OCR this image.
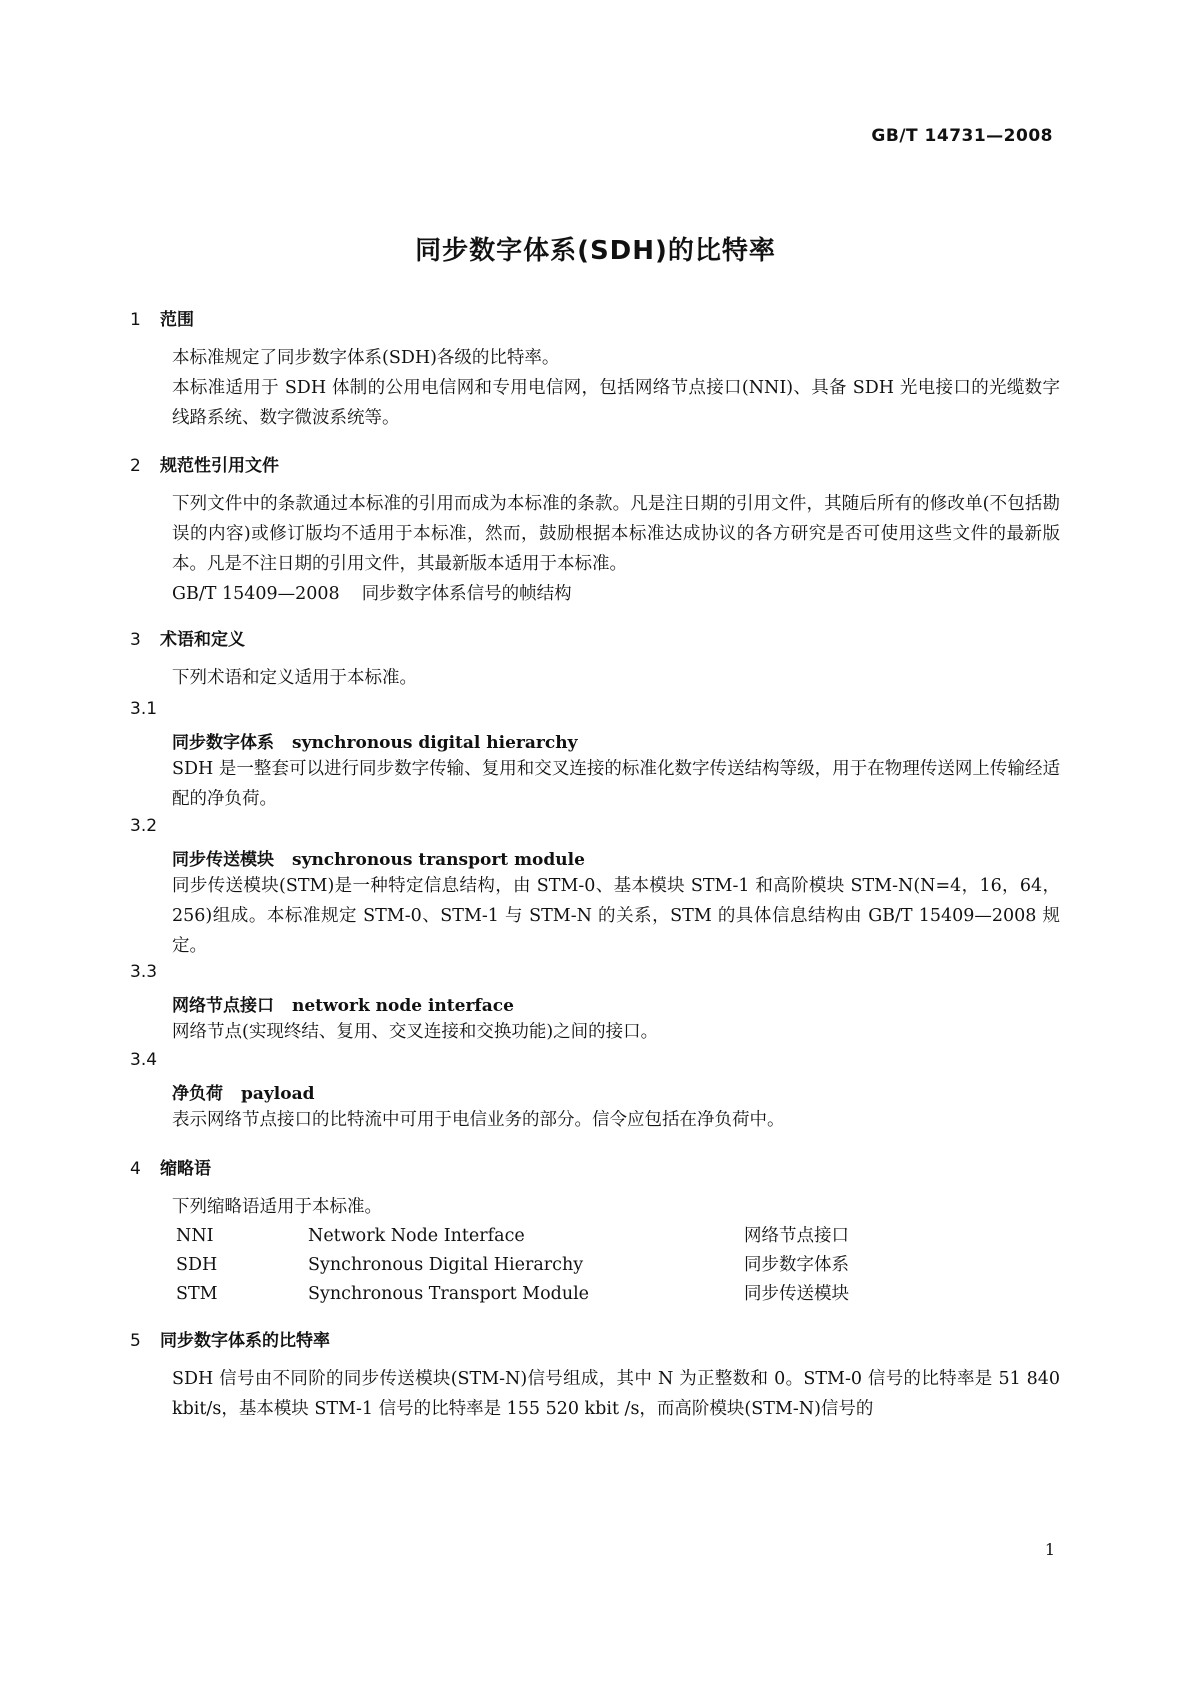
GB/T 14731—2008
同步数字体系(SDH)的比特率
1 范围
本标准规定了同步数字体系(SDH)各级的比特率。
本标准适用于 SDH 体制的公用电信网和专用电信网，包括网络节点接口(NNI)、具备 SDH 光电接口的光缆数字线路系统、数字微波系统等。
2 规范性引用文件
下列文件中的条款通过本标准的引用而成为本标准的条款。凡是注日期的引用文件，其随后所有的修改单(不包括勘误的内容)或修订版均不适用于本标准，然而，鼓励根据本标准达成协议的各方研究是否可使用这些文件的最新版本。凡是不注日期的引用文件，其最新版本适用于本标准。
GB/T 15409—2008 同步数字体系信号的帧结构
3 术语和定义
下列术语和定义适用于本标准。
3.1
同步数字体系 synchronous digital hierarchy
SDH 是一整套可以进行同步数字传输、复用和交叉连接的标准化数字传送结构等级，用于在物理传送网上传输经适配的净负荷。
3.2
同步传送模块 synchronous transport module
同步传送模块(STM)是一种特定信息结构，由 STM-0、基本模块 STM-1 和高阶模块 STM-N(N=4，16，64，256)组成。本标准规定 STM-0、STM-1 与 STM-N 的关系，STM 的具体信息结构由 GB/T 15409—2008 规定。
3.3
网络节点接口 network node interface
网络节点(实现终结、复用、交叉连接和交换功能)之间的接口。
3.4
净负荷 payload
表示网络节点接口的比特流中可用于电信业务的部分。信令应包括在净负荷中。
4 缩略语
下列缩略语适用于本标准。
NNI	Network Node Interface	网络节点接口
SDH	Synchronous Digital Hierarchy	同步数字体系
STM	Synchronous Transport Module	同步传送模块
5 同步数字体系的比特率
SDH 信号由不同阶的同步传送模块(STM-N)信号组成，其中 N 为正整数和 0。STM-0 信号的比特率是 51 840 kbit/s，基本模块 STM-1 信号的比特率是 155 520 kbit /s，而高阶模块(STM-N)信号的
1
